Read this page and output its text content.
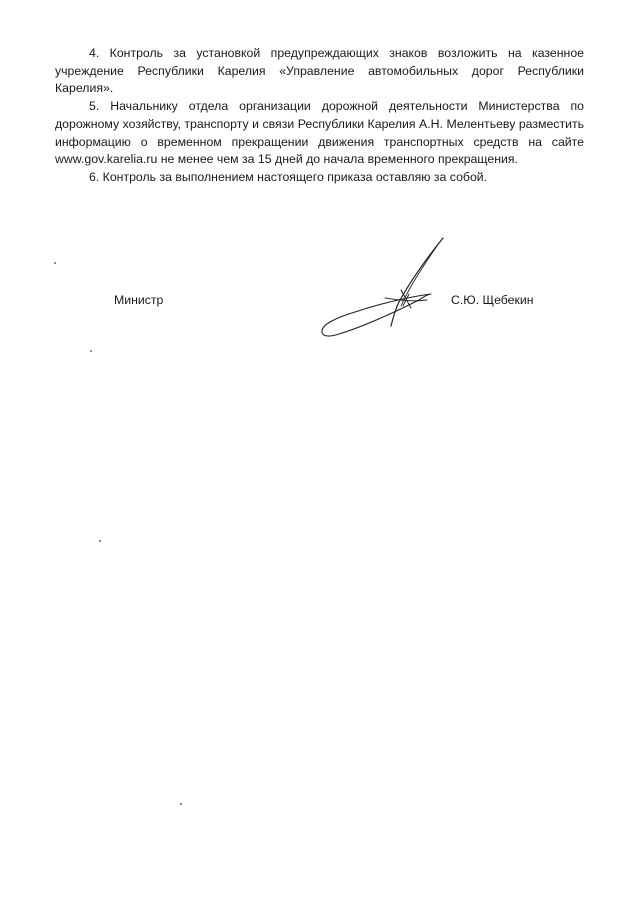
4. Контроль за установкой предупреждающих знаков возложить на казенное учреждение Республики Карелия «Управление автомобильных дорог Республики Карелия».

5. Начальнику отдела организации дорожной деятельности Министерства по дорожному хозяйству, транспорту и связи Республики Карелия А.Н. Мелентьеву разместить информацию о временном прекращении движения транспортных средств на сайте www.gov.karelia.ru не менее чем за 15 дней до начала временного прекращения.

6. Контроль за выполнением настоящего приказа оставляю за собой.

Министр	С.Ю. Щебекин
